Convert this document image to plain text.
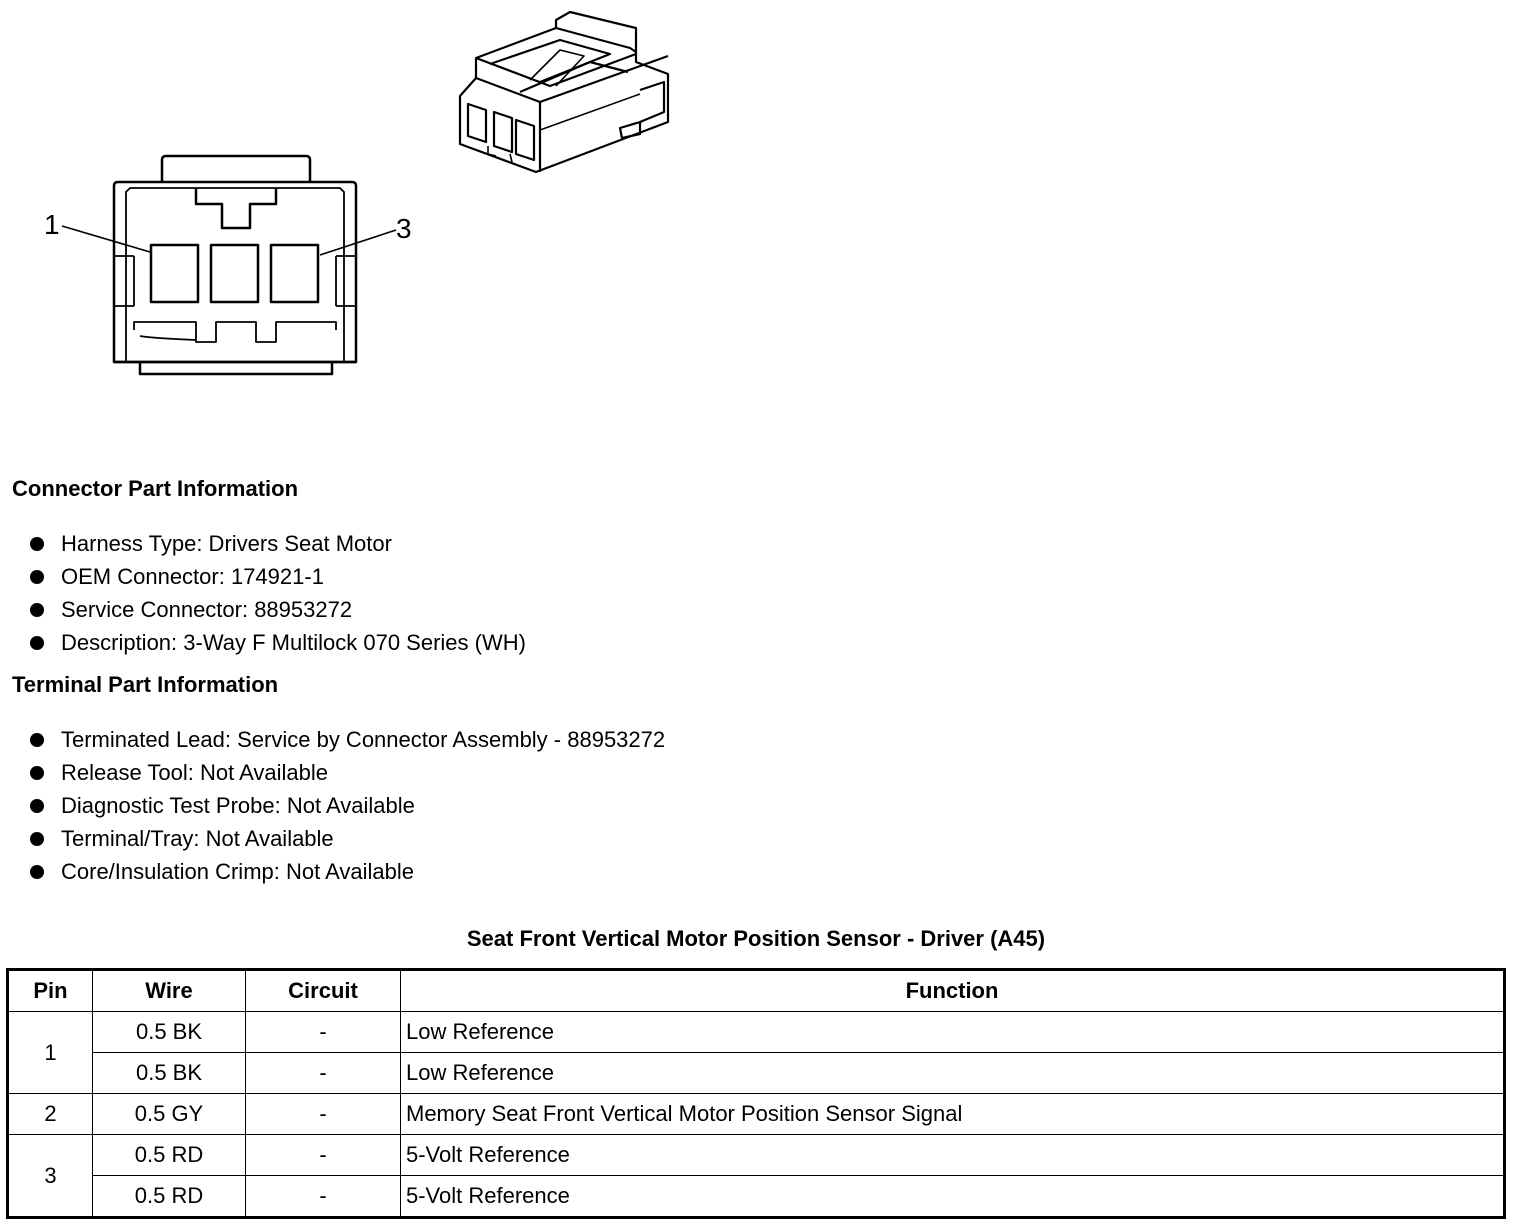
1	3
Connector Part Information
Harness Type: Drivers Seat Motor
OEM Connector: 174921-1
Service Connector: 88953272
Description: 3-Way F Multilock 070 Series (WH)
Terminal Part Information
Terminated Lead: Service by Connector Assembly - 88953272
Release Tool: Not Available
Diagnostic Test Probe: Not Available
Terminal/Tray: Not Available
Core/Insulation Crimp: Not Available
Seat Front Vertical Motor Position Sensor - Driver (A45)
Pin	Wire	Circuit	Function
1	0.5 BK	-	Low Reference
	0.5 BK	-	Low Reference
2	0.5 GY	-	Memory Seat Front Vertical Motor Position Sensor Signal
3	0.5 RD	-	5-Volt Reference
	0.5 RD	-	5-Volt Reference
